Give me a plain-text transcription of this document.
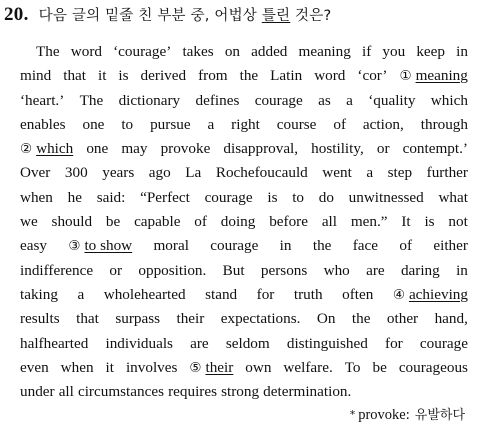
20. 다음 글의 밑줄 친 부분 중, 어법상 틀린 것은?
The word ‘courage’ takes on added meaning if you keep in
mind that it is derived from the Latin word ‘cor’ ① meaning
‘heart.’ The dictionary defines courage as a ‘quality which
enables one to pursue a right course of action, through
② which one may provoke disapproval, hostility, or contempt.’
Over 300 years ago La Rochefoucauld went a step further
when he said: “Perfect courage is to do unwitnessed what
we should be capable of doing before all men.” It is not
easy ③ to show moral courage in the face of either
indifference or opposition. But persons who are daring in
taking a wholehearted stand for truth often ④ achieving
results that surpass their expectations. On the other hand,
halfhearted individuals are seldom distinguished for courage
even when it involves ⑤ their own welfare. To be courageous
under all circumstances requires strong determination.
* provoke: 유발하다
